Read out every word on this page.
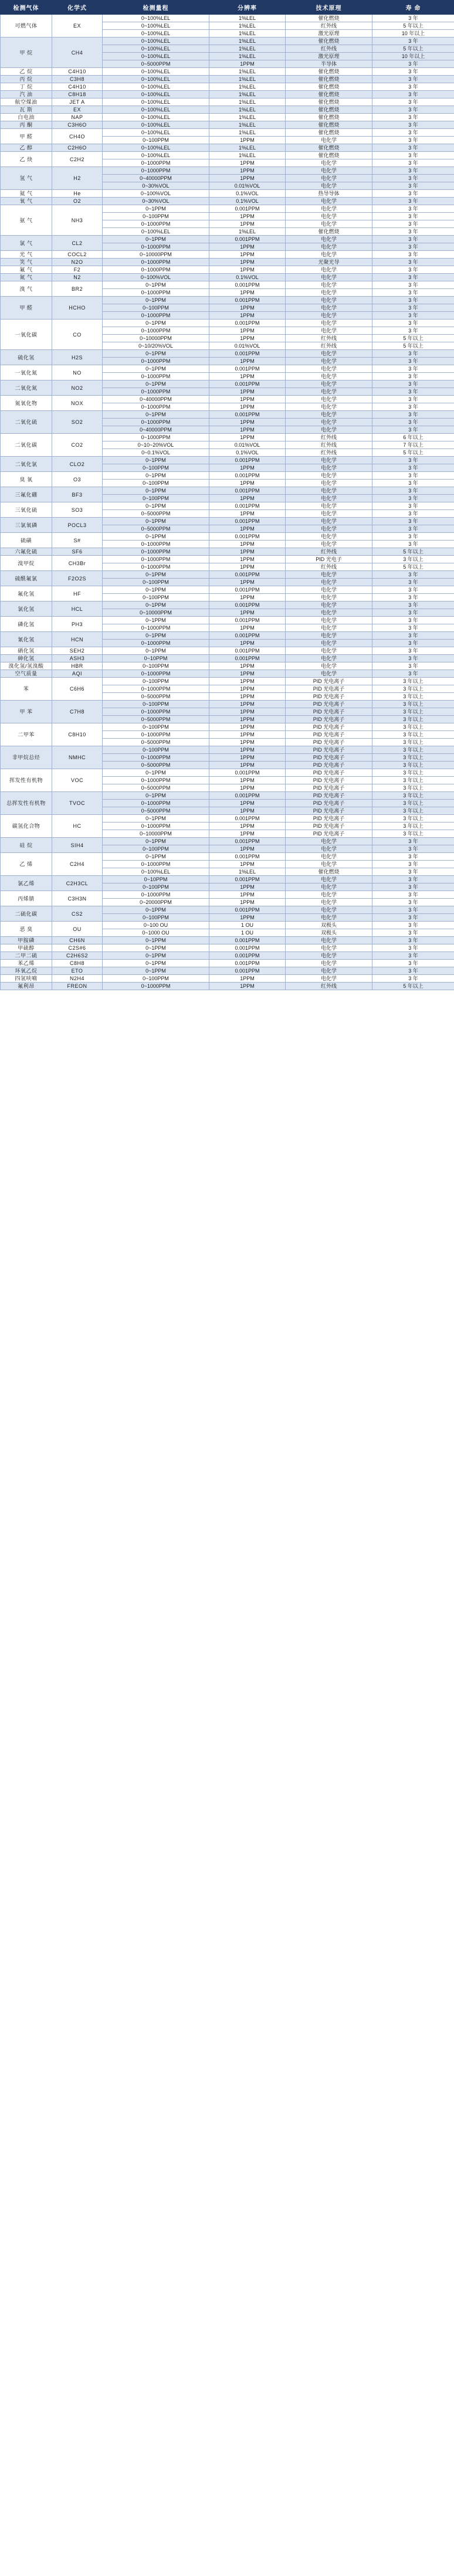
检测气体	化学式	检测量程	分辨率	技术原理	寿 命
可燃气体	EX	0~100%LEL	1%LEL	催化燃烧	3 年
		0~100%LEL	1%LEL	红外线	5 年以上
		0~100%LEL	1%LEL	激光原理	10 年以上
甲 烷	CH4	0~100%LEL	1%LEL	催化燃烧	3 年
		0~100%LEL	1%LEL	红外线	5 年以上
		0~100%LEL	1%LEL	激光原理	10 年以上
		0~5000PPM	1PPM	半导体	3 年
乙 烷	C4H10	0~100%LEL	1%LEL	催化燃烧	3 年
丙 烷	C3H8	0~100%LEL	1%LEL	催化燃烧	3 年
丁 烷	C4H10	0~100%LEL	1%LEL	催化燃烧	3 年
汽 油	C8H18	0~100%LEL	1%LEL	催化燃烧	3 年
航空煤油	JET A	0~100%LEL	1%LEL	催化燃烧	3 年
瓦 斯	EX	0~100%LEL	1%LEL	催化燃烧	3 年
白电油	NAP	0~100%LEL	1%LEL	催化燃烧	3 年
丙 酮	C3H6O	0~100%LEL	1%LEL	催化燃烧	3 年
甲 醛	CH4O	0~100%LEL	1%LEL	催化燃烧	3 年
		0~100PPM	1PPM	电化学	3 年
乙 醇	C2H6O	0~100%LEL	1%LEL	催化燃烧	3 年
乙 炔	C2H2	0~100%LEL	1%LEL	催化燃烧	3 年
		0~1000PPM	1PPM	电化学	3 年
氢 气	H2	0~1000PPM	1PPM	电化学	3 年
		0~40000PPM	1PPM	电化学	3 年
		0~30%VOL	0.01%VOL	电化学	3 年
氦 气	He	0~100%VOL	0.1%VOL	热导导体	3 年
氧 气	O2	0~30%VOL	0.1%VOL	电化学	3 年
氨 气	NH3	0~1PPM	0.001PPM	电化学	3 年
		0~100PPM	1PPM	电化学	3 年
		0~1000PPM	1PPM	电化学	3 年
		0~100%LEL	1%LEL	催化燃烧	3 年
氯 气	CL2	0~1PPM	0.001PPM	电化学	3 年
		0~1000PPM	1PPM	电化学	3 年
光 气	COCL2	0~10000PPM	1PPM	电化学	3 年
笑 气	N2O	0~1000PPM	1PPM	光聚光导	3 年
氟 气	F2	0~1000PPM	1PPM	电化学	3 年
氮 气	N2	0~100%VOL	0.1%VOL	电化学	3 年
溴 气	BR2	0~1PPM	0.001PPM	电化学	3 年
		0~1000PPM	1PPM	电化学	3 年
甲 醛	HCHO	0~1PPM	0.001PPM	电化学	3 年
		0~100PPM	1PPM	电化学	3 年
		0~1000PPM	1PPM	电化学	3 年
一氧化碳	CO	0~1PPM	0.001PPM	电化学	3 年
		0~1000PPM	1PPM	电化学	3 年
		0~10000PPM	1PPM	红外线	5 年以上
		0~10/20%VOL	0.01%VOL	红外线	5 年以上
硫化氢	H2S	0~1PPM	0.001PPM	电化学	3 年
		0~1000PPM	1PPM	电化学	3 年
一氧化氮	NO	0~1PPM	0.001PPM	电化学	3 年
		0~1000PPM	1PPM	电化学	3 年
二氧化氮	NO2	0~1PPM	0.001PPM	电化学	3 年
		0~1000PPM	1PPM	电化学	3 年
氮氧化物	NOX	0~40000PPM	1PPM	电化学	3 年
		0~1000PPM	1PPM	电化学	3 年
二氧化硫	SO2	0~1PPM	0.001PPM	电化学	3 年
		0~1000PPM	1PPM	电化学	3 年
		0~40000PPM	1PPM	电化学	3 年
二氧化碳	CO2	0~1000PPM	1PPM	红外线	6 年以上
		0~10~20%VOL	0.01%VOL	红外线	7 年以上
		0~0.1%VOL	0.1%VOL	红外线	5 年以上
二氧化氯	CLO2	0~1PPM	0.001PPM	电化学	3 年
		0~100PPM	1PPM	电化学	3 年
臭 氧	O3	0~1PPM	0.001PPM	电化学	3 年
		0~100PPM	1PPM	电化学	3 年
三氟化硼	BF3	0~1PPM	0.001PPM	电化学	3 年
		0~100PPM	1PPM	电化学	3 年
三氧化硫	SO3	0~1PPM	0.001PPM	电化学	3 年
		0~5000PPM	1PPM	电化学	3 年
三氯氧磷	POCL3	0~1PPM	0.001PPM	电化学	3 年
		0~5000PPM	1PPM	电化学	3 年
硫磺	S#	0~1PPM	0.001PPM	电化学	3 年
		0~1000PPM	1PPM	电化学	3 年
六氟化硫	SF6	0~1000PPM	1PPM	红外线	5 年以上
溴甲烷	CH3Br	0~1000PPM	1PPM	PID 光电子	3 年以上
		0~1000PPM	1PPM	红外线	5 年以上
硫酰氟氯	F2O2S	0~1PPM	0.001PPM	电化学	3 年
		0~100PPM	1PPM	电化学	3 年
氟化氢	HF	0~1PPM	0.001PPM	电化学	3 年
		0~100PPM	1PPM	电化学	3 年
氯化氢	HCL	0~1PPM	0.001PPM	电化学	3 年
		0~10000PPM	1PPM	电化学	3 年
磷化氢	PH3	0~1PPM	0.001PPM	电化学	3 年
		0~1000PPM	1PPM	电化学	3 年
氰化氢	HCN	0~1PPM	0.001PPM	电化学	3 年
		0~1000PPM	1PPM	电化学	3 年
硒化氢	SEH2	0~1PPM	0.001PPM	电化学	3 年
砷化氢	ASH3	0~10PPM	0.001PPM	电化学	3 年
溴化氢/氢溴酸	HBR	0~100PPM	1PPM	电化学	3 年
空气质量	AQI	0~1000PPM	1PPM	电化学	3 年
苯	C6H6	0~100PPM	1PPM	PID 光电离子	3 年以上
		0~1000PPM	1PPM	PID 光电离子	3 年以上
		0~5000PPM	1PPM	PID 光电离子	3 年以上
甲 苯	C7H8	0~100PPM	1PPM	PID 光电离子	3 年以上
		0~1000PPM	1PPM	PID 光电离子	3 年以上
		0~5000PPM	1PPM	PID 光电离子	3 年以上
二甲苯	C8H10	0~100PPM	1PPM	PID 光电离子	3 年以上
		0~1000PPM	1PPM	PID 光电离子	3 年以上
		0~5000PPM	1PPM	PID 光电离子	3 年以上
非甲烷总烃	NMHC	0~100PPM	1PPM	PID 光电离子	3 年以上
		0~1000PPM	1PPM	PID 光电离子	3 年以上
		0~5000PPM	1PPM	PID 光电离子	3 年以上
挥发性有机物	VOC	0~1PPM	0.001PPM	PID 光电离子	3 年以上
		0~1000PPM	1PPM	PID 光电离子	3 年以上
		0~5000PPM	1PPM	PID 光电离子	3 年以上
总挥发性有机物	TVOC	0~1PPM	0.001PPM	PID 光电离子	3 年以上
		0~1000PPM	1PPM	PID 光电离子	3 年以上
		0~5000PPM	1PPM	PID 光电离子	3 年以上
碳氢化合物	HC	0~1PPM	0.001PPM	PID 光电离子	3 年以上
		0~1000PPM	1PPM	PID 光电离子	3 年以上
		0~10000PPM	1PPM	PID 光电离子	3 年以上
硅 烷	SIH4	0~1PPM	0.001PPM	电化学	3 年
		0~100PPM	1PPM	电化学	3 年
乙 烯	C2H4	0~1PPM	0.001PPM	电化学	3 年
		0~1000PPM	1PPM	电化学	3 年
		0~100%LEL	1%LEL	催化燃烧	3 年
氯乙烯	C2H3CL	0~10PPM	0.001PPM	电化学	3 年
		0~100PPM	1PPM	电化学	3 年
丙烯腈	C3H3N	0~1000PPM	1PPM	电化学	3 年
		0~20000PPM	1PPM	电化学	3 年
二硫化碳	CS2	0~1PPM	0.001PPM	电化学	3 年
		0~100PPM	1PPM	电化学	3 年
恶 臭	OU	0~100 OU	1 OU	双极头	3 年
		0~1000 OU	1 OU	双极头	3 年
甲胺磷	CH6N	0~1PPM	0.001PPM	电化学	3 年
甲硫醇	C2S#6	0~1PPM	0.001PPM	电化学	3 年
二甲二硫	C2H6S2	0~1PPM	0.001PPM	电化学	3 年
苯乙烯	C8H8	0~1PPM	0.001PPM	电化学	3 年
环氧乙烷	ETO	0~1PPM	0.001PPM	电化学	3 年
四氢呋喃	N2H4	0~100PPM	1PPM	电化学	3 年
氟利昂	FREON	0~1000PPM	1PPM	红外线	5 年以上
